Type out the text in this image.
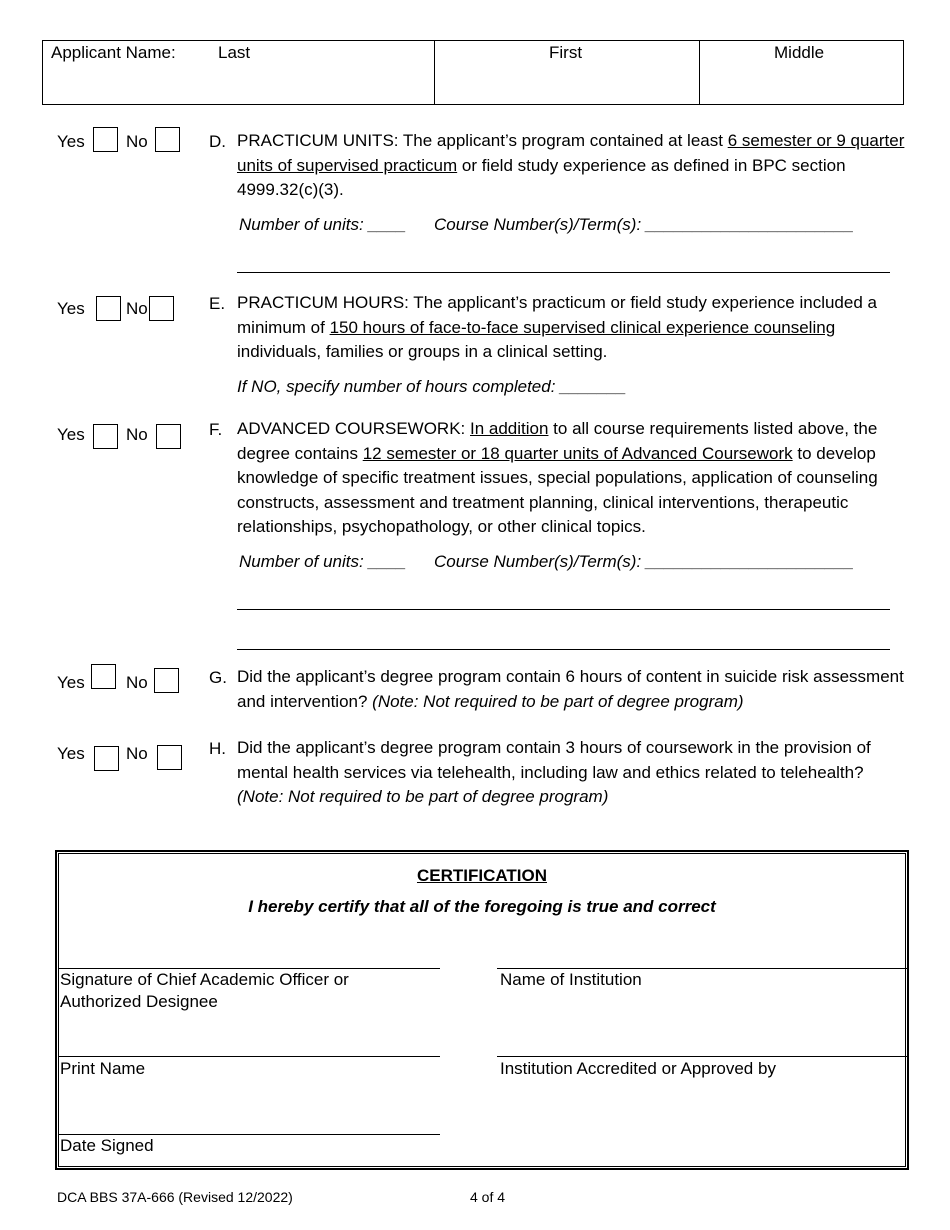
Applicant Name: Last	First	Middle
Yes No	D. PRACTICUM UNITS: The applicant’s program contained at least 6 semester or 9 quarter units of supervised practicum or field study experience as defined in BPC section 4999.32(c)(3).
Number of units: ____ Course Number(s)/Term(s): ______________________
Yes No	E. PRACTICUM HOURS: The applicant’s practicum or field study experience included a minimum of 150 hours of face-to-face supervised clinical experience counseling individuals, families or groups in a clinical setting.
If NO, specify number of hours completed: _______
Yes No	F. ADVANCED COURSEWORK: In addition to all course requirements listed above, the degree contains 12 semester or 18 quarter units of Advanced Coursework to develop knowledge of specific treatment issues, special populations, application of counseling constructs, assessment and treatment planning, clinical interventions, therapeutic relationships, psychopathology, or other clinical topics.
Number of units: ____ Course Number(s)/Term(s): ______________________
Yes No	G. Did the applicant’s degree program contain 6 hours of content in suicide risk assessment and intervention? (Note: Not required to be part of degree program)
Yes No	H. Did the applicant’s degree program contain 3 hours of coursework in the provision of mental health services via telehealth, including law and ethics related to telehealth? (Note: Not required to be part of degree program)
CERTIFICATION
I hereby certify that all of the foregoing is true and correct
Signature of Chief Academic Officer or Authorized Designee
Name of Institution
Print Name	Institution Accredited or Approved by
Date Signed
DCA BBS 37A-666 (Revised 12/2022)	4 of 4
